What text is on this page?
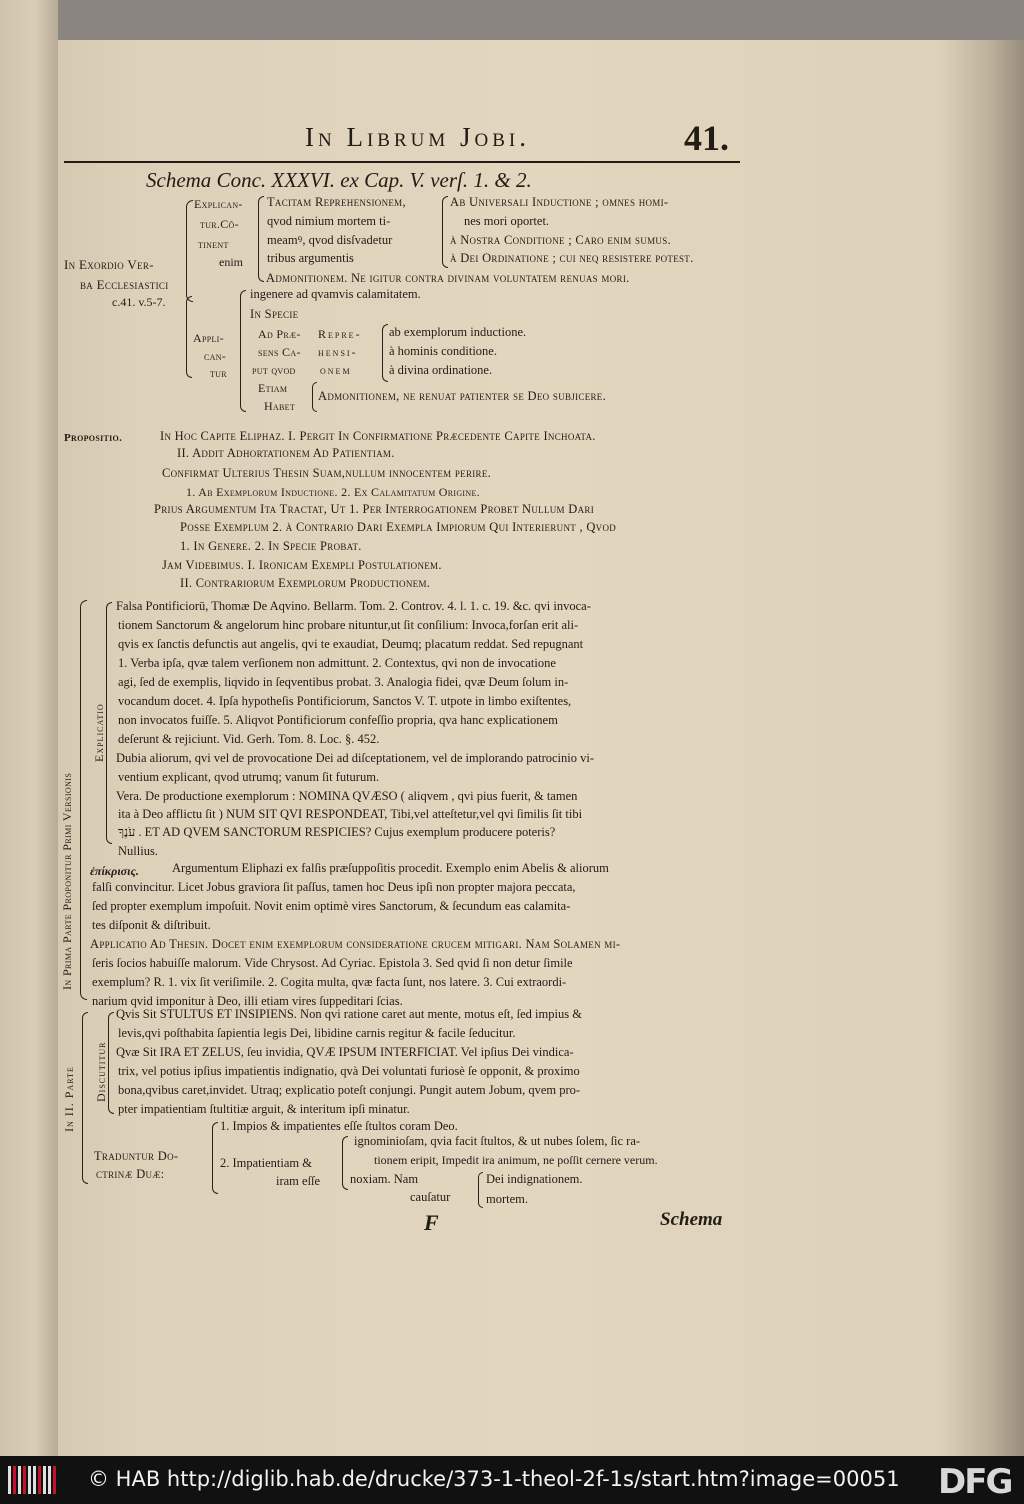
In Librum Jobi.	41.
Schema Conc. XXXVI. ex Cap. V. verſ. 1. & 2.
In Exordio Ver-
ba Ecclesiastici
c.41. v.5-7.
Explican-
tur.Cō-
tinent
enim
Tacitam Reprehensionem,
qvod nimium mortem ti-
meamꝰ, qvod disſvadetur
tribus argumentis
Ab Universali Inductione ; omnes homi-
nes mori oportet.
à Nostra Conditione ; Caro enim ſumus.
à Dei Ordinatione ; cui neq reſiſtere poteſt.
Admonitionem. Ne igitur contra divinam voluntatem renuas mori.
Appli-
can-
tur
ingenere ad qvamvis calamitatem.
In Specie
Ad Præ-
sens Ca-
put qvod
Etiam
Habet
Repre-
hensi-
onem
ab exemplorum inductione.
à hominis conditione.
à divina ordinatione.
Admonitionem, ne renuat patienter ſe Deo ſubjicere.
Propositio.	In Hoc Capite Eliphaz. I. Pergit In Confirmatione Præcedente Capite Inchoata.
II. Addit Adhortationem Ad Patientiam.
Confirmat Ulterius Thesin Suam,nullum innocentem perire.
1. Ab Exemplorum Inductione. 2. Ex Calamitatum Origine.
Prius Argumentum Ita Tractat, Ut 1. Per Interrogationem Probet Nullum Dari
Posse Exemplum 2. à Contrario Dari Exempla Impiorum Qui Interierunt , Qvod
1. In Genere. 2. In Specie Probat.
Jam Videbimus. I. Ironicam Exempli Postulationem.
II. Contrariorum Exemplorum Productionem.
In Prima Parte Proponitur Primi Versionis
Explicatio
Falsa Pontificiorū, Thomæ De Aqvino. Bellarm. Tom. 2. Controv. 4. l. 1. c. 19. &c. qvi invoca-
tionem Sanctorum & angelorum hinc probare nituntur,ut ſit conſilium: Invoca,forſan erit ali-
qvis ex ſanctis defunctis aut angelis, qvi te exaudiat, Deumq; placatum reddat. Sed repugnant
1. Verba ipſa, qvæ talem verſionem non admittunt. 2. Contextus, qvi non de invocatione
agi, ſed de exemplis, liqvido in ſeqventibus probat. 3. Analogia fidei, qvæ Deum ſolum in-
vocandum docet. 4. Ipſa hypotheſis Pontificiorum, Sanctos V. T. utpote in limbo exiſtentes,
non invocatos fuiſſe. 5. Aliqvot Pontificiorum confeſſio propria, qva hanc explicationem
deſerunt & rejiciunt. Vid. Gerh. Tom. 8. Loc. §. 452.
Dubia aliorum, qvi vel de provocatione Dei ad diſceptationem, vel de implorando patrocinio vi-
ventium explicant, qvod utrumq; vanum ſit futurum.
Vera. De productione exemplorum : NOMINA QVÆSO ( aliqvem , qvi pius fuerit, & tamen
ita à Deo afflictu ſit ) NUM SIT QVI RESPONDEAT, Tibi,vel atteſtetur,vel qvi ſimilis ſit tibi
עֹנֶךָ . ET AD QVEM SANCTORUM RESPICIES? Cujus exemplum producere poteris?
Nullius.
ἐπίκρισις.	Argumentum Eliphazi ex falſis præſuppoſitis procedit. Exemplo enim Abelis & aliorum
falſi convincitur. Licet Jobus graviora ſit paſſus, tamen hoc Deus ipſi non propter majora peccata,
ſed propter exemplum impoſuit. Novit enim optimè vires Sanctorum, & ſecundum eas calamita-
tes diſponit & diſtribuit.
Applicatio Ad Thesin. Docet enim exemplorum conſideratione crucem mitigari. Nam Solamen mi-
ſeris ſocios habuiſſe malorum. Vide Chrysost. Ad Cyriac. Epistola 3. Sed qvid ſi non detur ſimile
exemplum? R. 1. vix ſit veriſimile. 2. Cogita multa, qvæ facta ſunt, nos latere. 3. Cui extraordi-
narium qvid imponitur à Deo, illi etiam vires ſuppeditari ſcias.
In II. Parte Discutitur
Qvis Sit STULTUS ET INSIPIENS. Non qvi ratione caret aut mente, motus eſt, ſed impius &
levis,qvi poſthabita ſapientia legis Dei, libidine carnis regitur & facile ſeducitur.
Qvæ Sit IRA ET ZELUS, ſeu invidia, QVÆ IPSUM INTERFICIAT. Vel ipſius Dei vindica-
trix, vel potius ipſius impatientis indignatio, qvà Dei voluntati furiosè ſe opponit, & proximo
bona,qvibus caret,invidet. Utraq; explicatio poteſt conjungi. Pungit autem Jobum, qvem pro-
pter impatientiam ſtultitiæ arguit, & interitum ipſi minatur.
Traduntur Do-
ctrinæ Duæ:
1. Impios & impatientes eſſe ſtultos coram Deo.
2. Impatientiam &
iram eſſe
ignominioſam, qvia facit ſtultos, & ut nubes ſolem, ſic ra-
tionem eripit, Impedit ira animum, ne poſſit cernere verum.
noxiam. Nam
cauſatur
Dei indignationem.
mortem.
F	Schema
© HAB http://diglib.hab.de/drucke/373-1-theol-2f-1s/start.htm?image=00051 DFG
